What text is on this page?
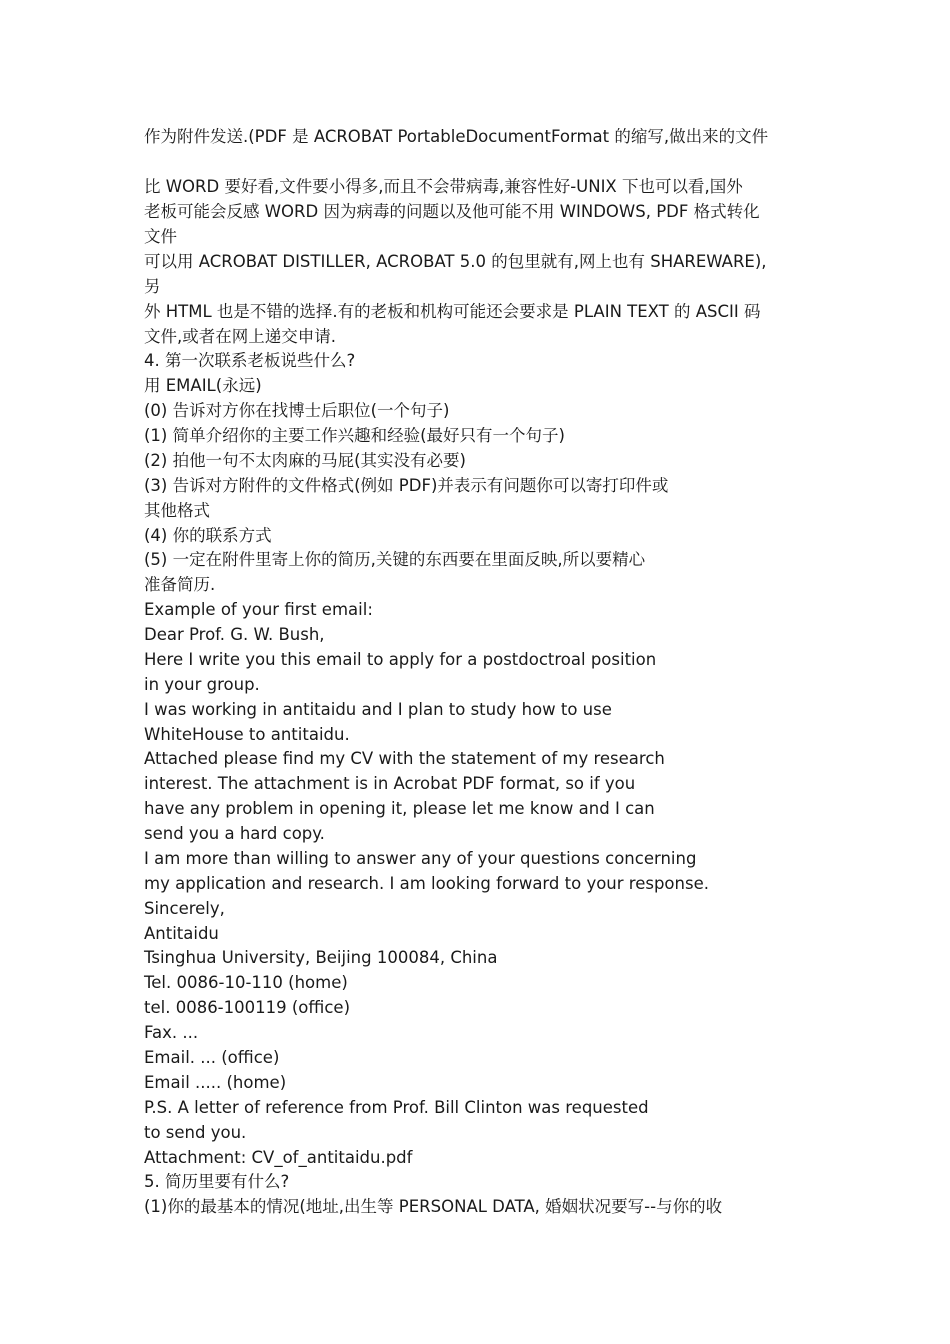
作为附件发送.(PDF 是 ACROBAT PortableDocumentFormat 的缩写,做出来的文件

比 WORD 要好看,文件要小得多,而且不会带病毒,兼容性好-UNIX 下也可以看,国外

老板可能会反感 WORD 因为病毒的问题以及他可能不用 WINDOWS, PDF 格式转化

文件

可以用 ACROBAT DISTILLER, ACROBAT 5.0 的包里就有,网上也有 SHAREWARE),

另

外 HTML 也是不错的选择.有的老板和机构可能还会要求是 PLAIN TEXT 的 ASCII 码

文件,或者在网上递交申请.

4. 第一次联系老板说些什么?

用 EMAIL(永远)

(0) 告诉对方你在找博士后职位(一个句子)

(1) 简单介绍你的主要工作兴趣和经验(最好只有一个句子)

(2) 拍他一句不太肉麻的马屁(其实没有必要)

(3) 告诉对方附件的文件格式(例如 PDF)并表示有问题你可以寄打印件或

其他格式

(4) 你的联系方式

(5) 一定在附件里寄上你的简历,关键的东西要在里面反映,所以要精心

准备简历.

Example of your first email:

Dear Prof. G. W. Bush,

Here I write you this email to apply for a postdoctroal position

in your group.

I was working in antitaidu and I plan to study how to use

WhiteHouse to antitaidu.

Attached please find my CV with the statement of my research

interest. The attachment is in Acrobat PDF format, so if you

have any problem in opening it, please let me know and I can

send you a hard copy.

I am more than willing to answer any of your questions concerning

my application and research. I am looking forward to your response.

Sincerely,

Antitaidu

Tsinghua University, Beijing 100084, China

Tel. 0086-10-110 (home)

tel. 0086-100119 (office)

Fax. ...

Email. ... (office)

Email ..... (home)

P.S. A letter of reference from Prof. Bill Clinton was requested

to send you.

Attachment: CV_of_antitaidu.pdf

5. 简历里要有什么?

(1)你的最基本的情况(地址,出生等 PERSONAL DATA, 婚姻状况要写--与你的收
